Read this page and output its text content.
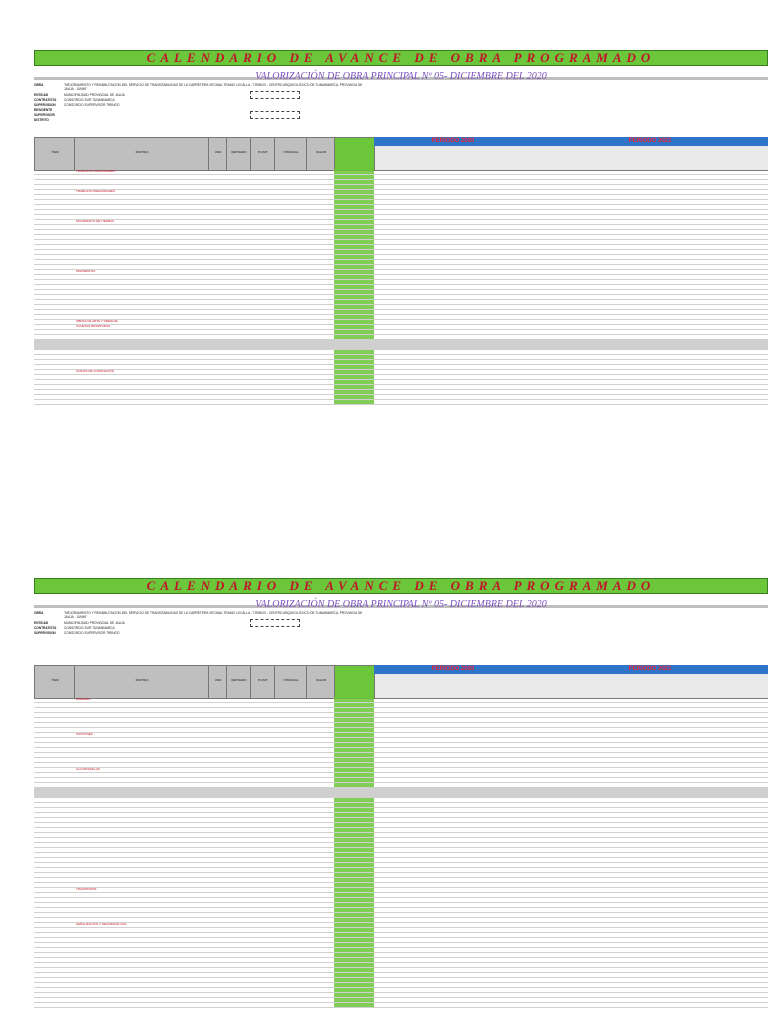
CALENDARIO DE AVANCE DE OBRA PROGRAMADO
VALORIZACIÓN DE OBRA PRINCIPAL Nº 05- DICIEMBRE DEL 2020
OBRA	"MEJORAMIENTO Y REHABILITACION DEL SERVICIO DE TRANSITABILIDAD DE LA CARRETERA VECINAL TRAMO LOCALLA - TIRINGO - CENTRO ARQUEOLÓGICO DE TUNANMARCA, PROVINCIA DE JAUJA - JUNIN"
ENTIDAD	MUNICIPALIDAD PROVINCIAL DE JAUJA
CONTRATISTA CONSORCIO SUR TUNANMARCA
SUPERVISION	CONSORCIO SUPERVISOR TIRINGO
RESIDENTE
SUPERVISOR
DISTRITO
ITEM	PARTIDA	UND	METRADO	P.UNIT.	P.PARCIAL	VALOR
PERIODO 2020	PERIODO 2021
TRABAJOS PRELIMINARES
TRABAJOS PRELIMINARES
MOVIMIENTO DE TIERRAS
PAVIMENTOS
OBRAS DE ARTE Y DRENAJE
CUNETAS REVESTIDAS
ZANJAS DE CORONACIÓN
CALENDARIO DE AVANCE DE OBRA PROGRAMADO
VALORIZACIÓN DE OBRA PRINCIPAL Nº 05- DICIEMBRE DEL 2020
OBRA	"MEJORAMIENTO Y REHABILITACION DEL SERVICIO DE TRANSITABILIDAD DE LA CARRETERA VECINAL TRAMO LOCALLA - TIRINGO - CENTRO ARQUEOLÓGICO DE TUNANMARCA, PROVINCIA DE JAUJA - JUNIN"
ENTIDAD	MUNICIPALIDAD PROVINCIAL DE JAUJA
CONTRATISTA CONSORCIO SUR TUNANMARCA
SUPERVISION	CONSORCIO SUPERVISOR TIRINGO
ITEM	PARTIDA	UND	METRADO	P.UNIT.	P.PARCIAL	VALOR
PERIODO 2020	PERIODO 2021
BADENES
PONTONES
ALCANTARILLAS
TRANSPORTE
SEÑALIZACIÓN Y SEGURIDAD VIAL
